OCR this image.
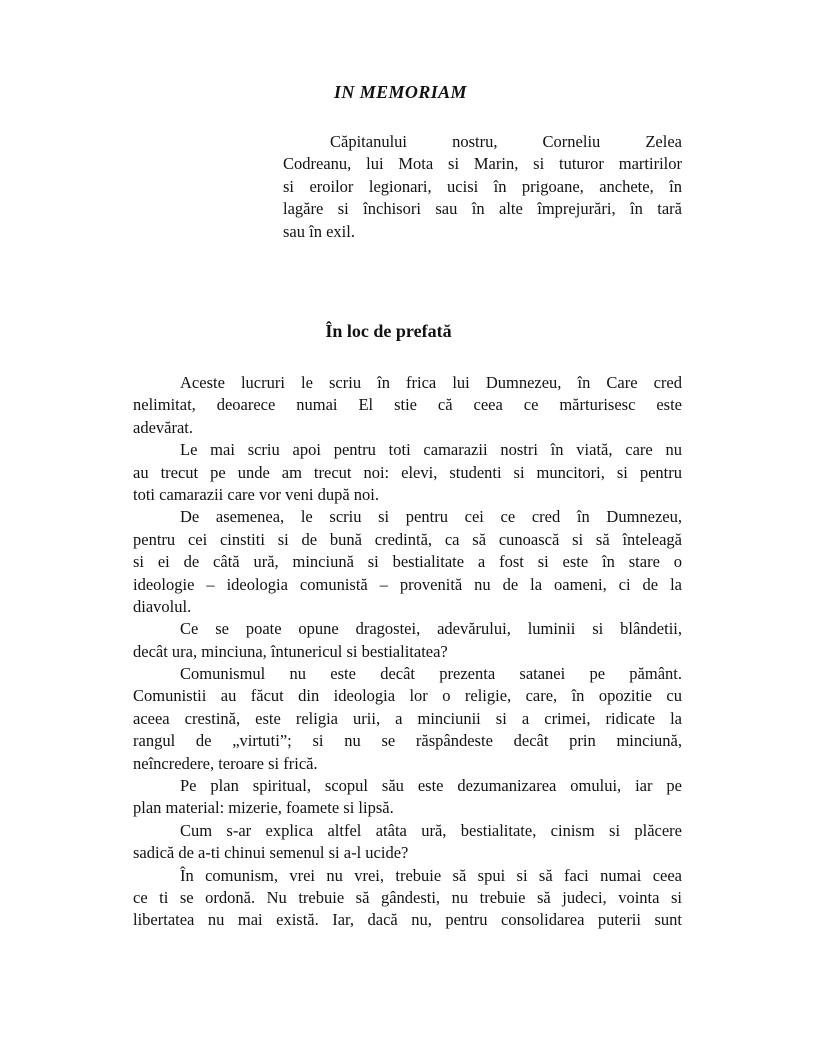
IN MEMORIAM
Căpitanului nostru, Corneliu Zelea
Codreanu, lui Mota si Marin, si tuturor martirilor
si eroilor legionari, ucisi în prigoane, anchete, în
lagăre si închisori sau în alte împrejurări, în tară
sau în exil.
În loc de prefată
Aceste lucruri le scriu în frica lui Dumnezeu, în Care cred
nelimitat, deoarece numai El stie că ceea ce mărturisesc este
adevărat.
Le mai scriu apoi pentru toti camarazii nostri în viată, care nu
au trecut pe unde am trecut noi: elevi, studenti si muncitori, si pentru
toti camarazii care vor veni după noi.
De asemenea, le scriu si pentru cei ce cred în Dumnezeu,
pentru cei cinstiti si de bună credintă, ca să cunoască si să înteleagă
si ei de câtă ură, minciună si bestialitate a fost si este în stare o
ideologie – ideologia comunistă – provenită nu de la oameni, ci de la
diavolul.
Ce se poate opune dragostei, adevărului, luminii si blândetii,
decât ura, minciuna, întunericul si bestialitatea?
Comunismul nu este decât prezenta satanei pe pământ.
Comunistii au făcut din ideologia lor o religie, care, în opozitie cu
aceea crestină, este religia urii, a minciunii si a crimei, ridicate la
rangul de „virtuti”; si nu se răspândeste decât prin minciună,
neîncredere, teroare si frică.
Pe plan spiritual, scopul său este dezumanizarea omului, iar pe
plan material: mizerie, foamete si lipsă.
Cum s-ar explica altfel atâta ură, bestialitate, cinism si plăcere
sadică de a-ti chinui semenul si a-l ucide?
În comunism, vrei nu vrei, trebuie să spui si să faci numai ceea
ce ti se ordonă. Nu trebuie să gândesti, nu trebuie să judeci, vointa si
libertatea nu mai există. Iar, dacă nu, pentru consolidarea puterii sunt
